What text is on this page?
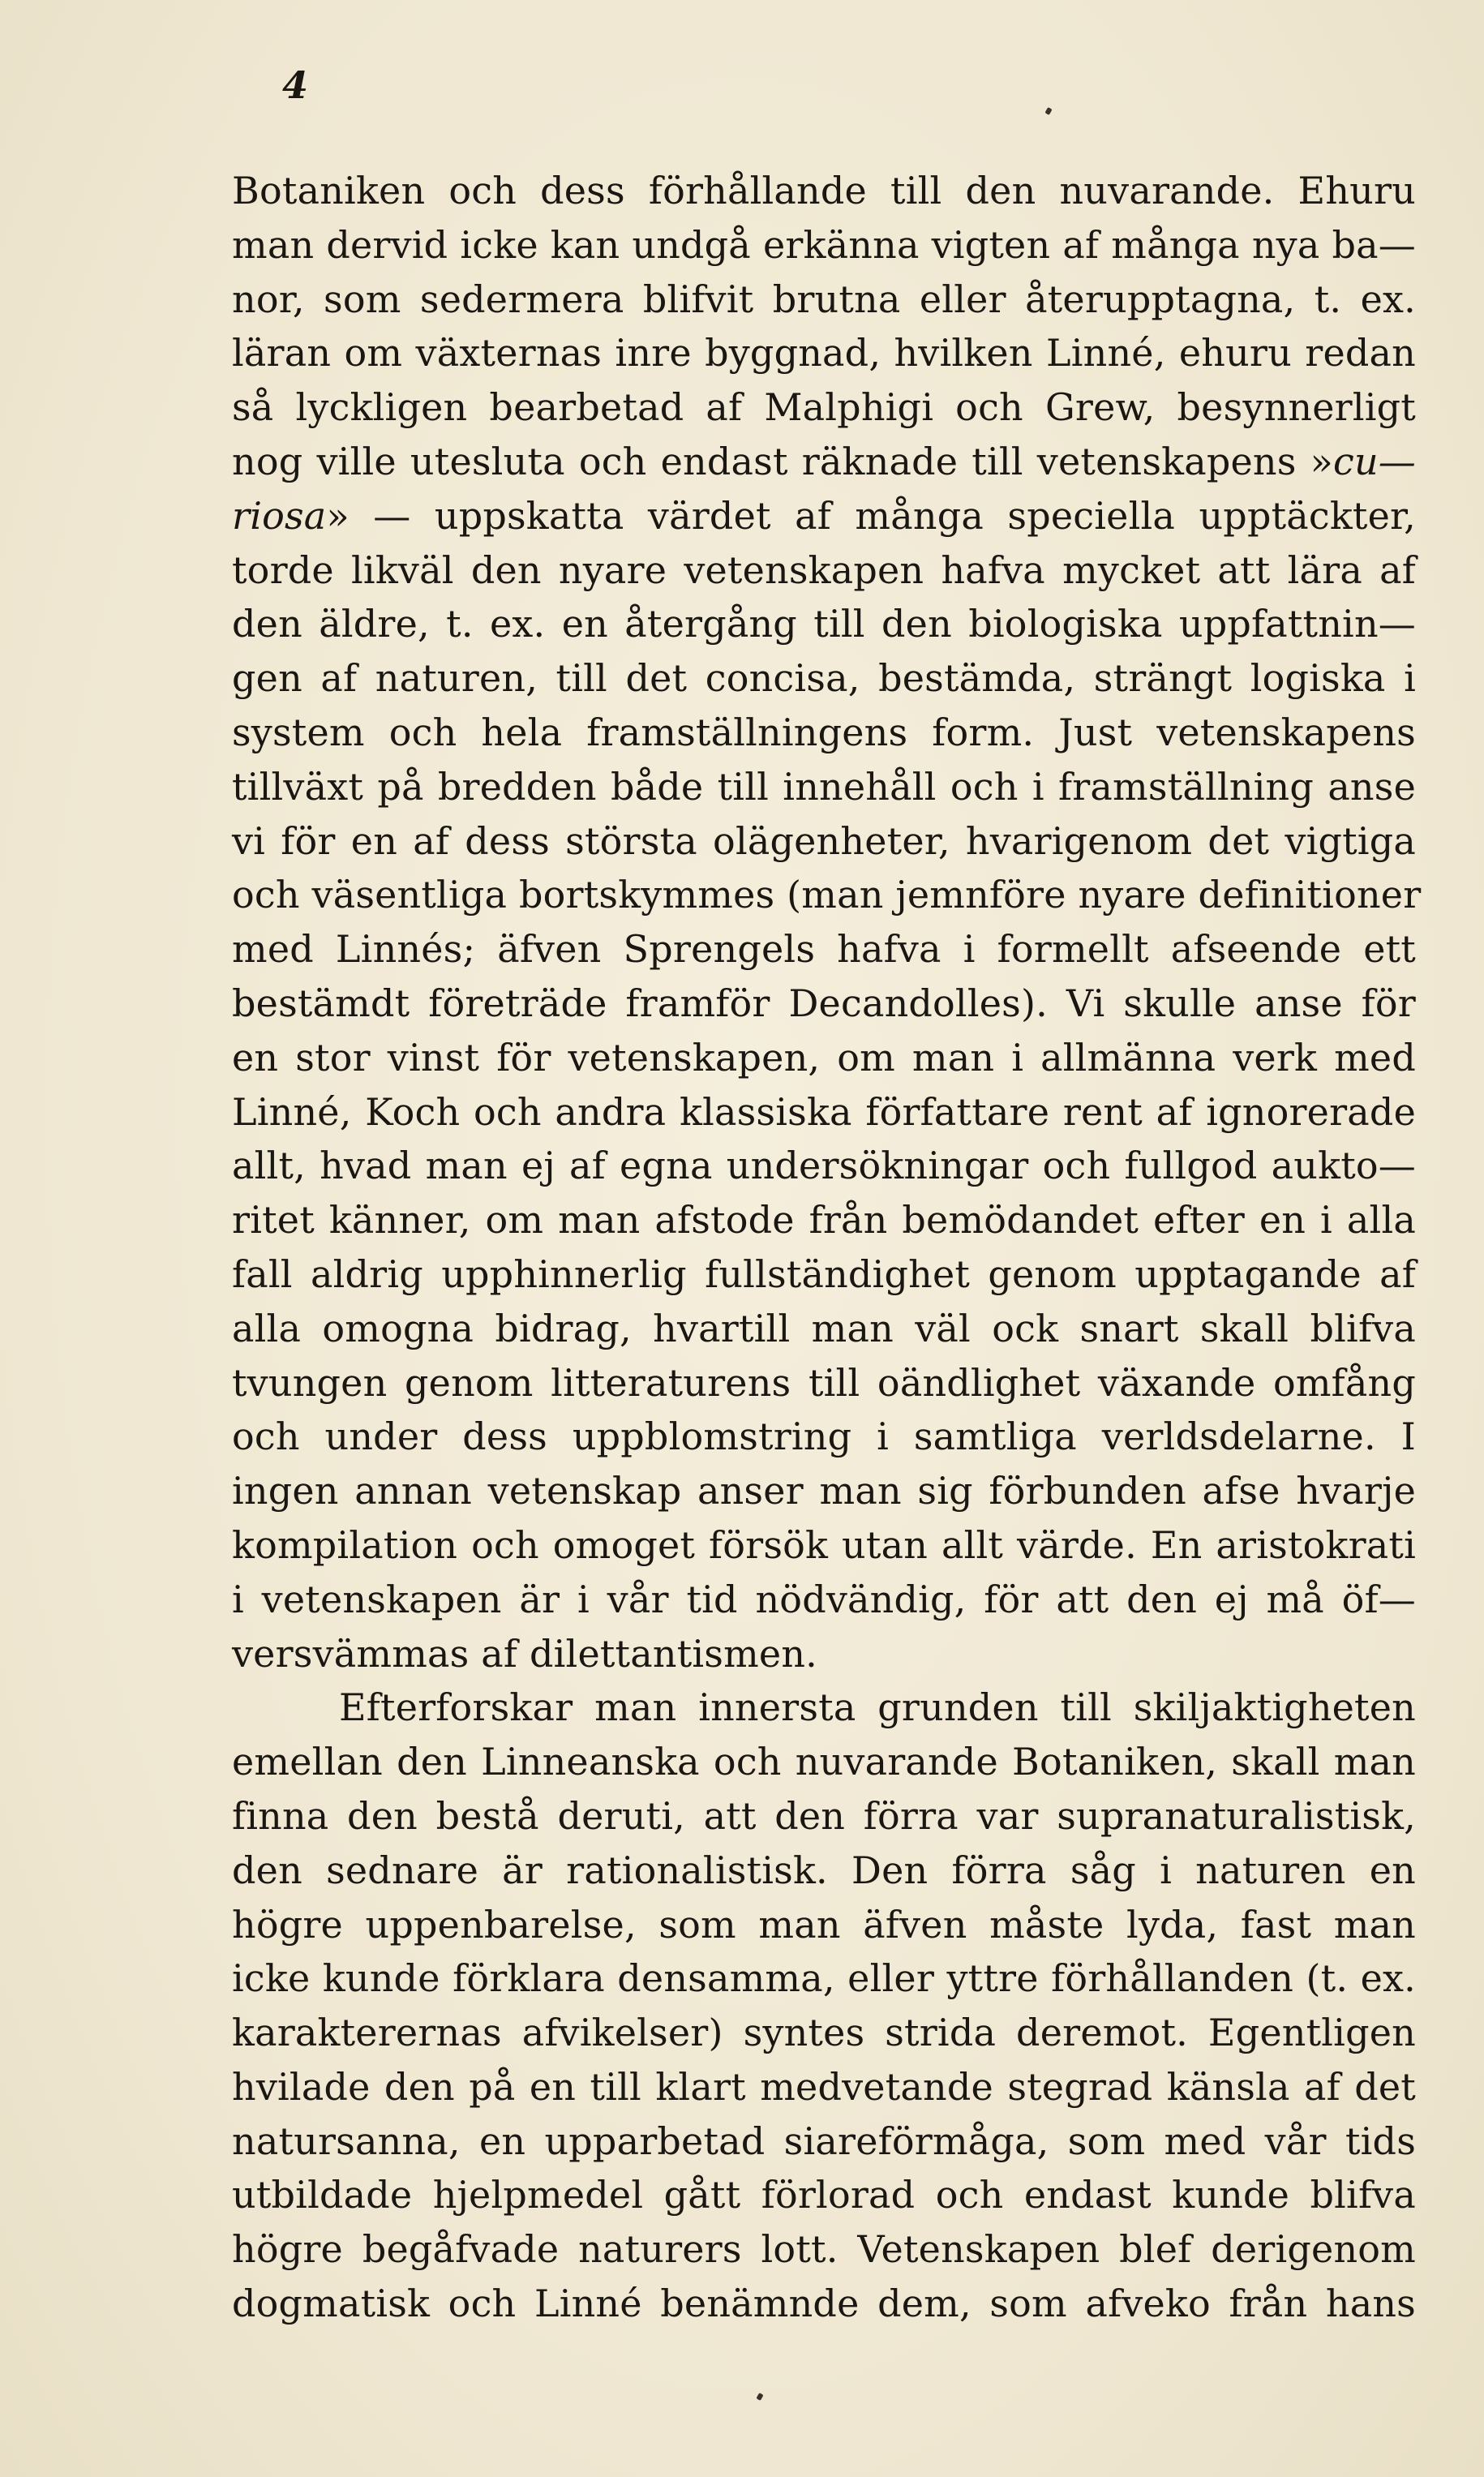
4
Botaniken och dess förhållande till den nuvarande. Ehuru
man dervid icke kan undgå erkänna vigten af många nya ba—
nor, som sedermera blifvit brutna eller återupptagna, t. ex.
läran om växternas inre byggnad, hvilken Linné, ehuru redan
så lyckligen bearbetad af Malphigi och Grew, besynnerligt
nog ville utesluta och endast räknade till vetenskapens »cu—
riosa» — uppskatta värdet af många speciella upptäckter,
torde likväl den nyare vetenskapen hafva mycket att lära af
den äldre, t. ex. en återgång till den biologiska uppfattnin—
gen af naturen, till det concisa, bestämda, strängt logiska i
system och hela framställningens form. Just vetenskapens
tillväxt på bredden både till innehåll och i framställning anse
vi för en af dess största olägenheter, hvarigenom det vigtiga
och väsentliga bortskymmes (man jemnföre nyare definitioner
med Linnés; äfven Sprengels hafva i formellt afseende ett
bestämdt företräde framför Decandolles). Vi skulle anse för
en stor vinst för vetenskapen, om man i allmänna verk med
Linné, Koch och andra klassiska författare rent af ignorerade
allt, hvad man ej af egna undersökningar och fullgod aukto—
ritet känner, om man afstode från bemödandet efter en i alla
fall aldrig upphinnerlig fullständighet genom upptagande af
alla omogna bidrag, hvartill man väl ock snart skall blifva
tvungen genom litteraturens till oändlighet växande omfång
och under dess uppblomstring i samtliga verldsdelarne. I
ingen annan vetenskap anser man sig förbunden afse hvarje
kompilation och omoget försök utan allt värde. En aristokrati
i vetenskapen är i vår tid nödvändig, för att den ej må öf—
versvämmas af dilettantismen.
Efterforskar man innersta grunden till skiljaktigheten
emellan den Linneanska och nuvarande Botaniken, skall man
finna den bestå deruti, att den förra var supranaturalistisk,
den sednare är rationalistisk. Den förra såg i naturen en
högre uppenbarelse, som man äfven måste lyda, fast man
icke kunde förklara densamma, eller yttre förhållanden (t. ex.
karakterernas afvikelser) syntes strida deremot. Egentligen
hvilade den på en till klart medvetande stegrad känsla af det
natursanna, en upparbetad siareförmåga, som med vår tids
utbildade hjelpmedel gått förlorad och endast kunde blifva
högre begåfvade naturers lott. Vetenskapen blef derigenom
dogmatisk och Linné benämnde dem, som afveko från hans
